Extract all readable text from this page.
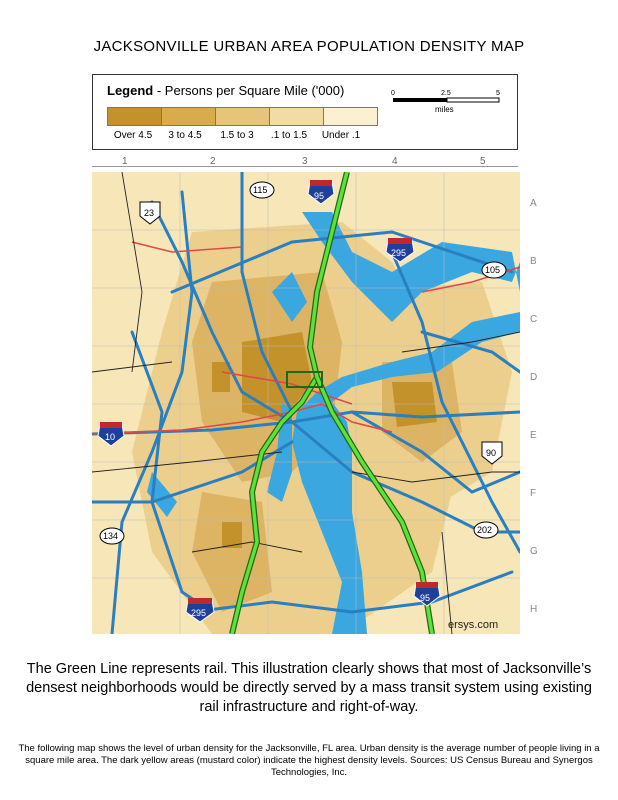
JACKSONVILLE URBAN AREA POPULATION DENSITY MAP
Legend - Persons per Square Mile ('000)
Over 4.5	3 to 4.5	1.5 to 3	.1 to 1.5	Under .1
0	2.5	5
miles
1	2	3	4	5
A
B
C
D
E
F
G
H
95
295
10
95
295
23
90
115
105
134
202
ersys.com
The Green Line represents rail. This illustration clearly shows that most of Jacksonville’s densest neighborhoods would be directly served by a mass transit system using existing rail infrastructure and right-of-way.
The following map shows the level of urban density for the Jacksonville, FL area. Urban density is the average number of people living in a square mile area. The dark yellow areas (mustard color) indicate the highest density levels. Sources: US Census Bureau and Synergos Technologies, Inc.
